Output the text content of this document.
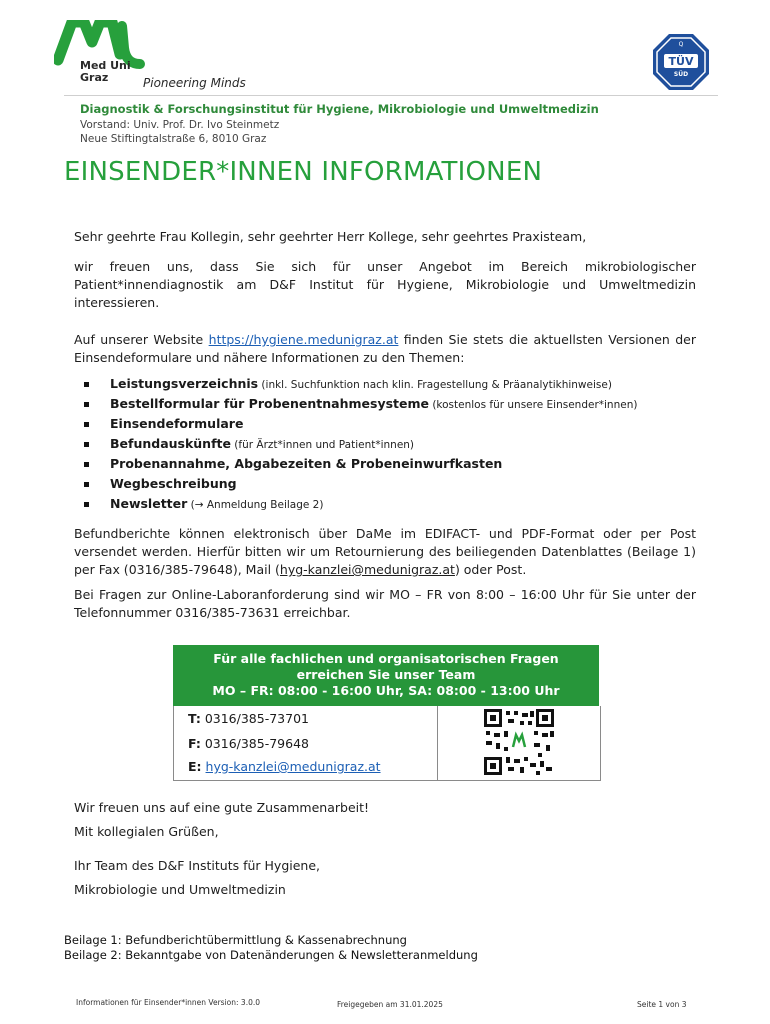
Med Uni
Graz	Pioneering Minds
TÜV
SÜD
Q
Diagnostik & Forschungsinstitut für Hygiene, Mikrobiologie und Umweltmedizin
Vorstand: Univ. Prof. Dr. Ivo Steinmetz
Neue Stiftingtalstraße 6, 8010 Graz
EINSENDER*INNEN INFORMATIONEN
Sehr geehrte Frau Kollegin, sehr geehrter Herr Kollege, sehr geehrtes Praxisteam,
wir freuen uns, dass Sie sich für unser Angebot im Bereich mikrobiologischer Patient*innendiagnostik am D&F Institut für Hygiene, Mikrobiologie und Umweltmedizin interessieren.
Auf unserer Website https://hygiene.medunigraz.at finden Sie stets die aktuellsten Versionen der Einsendeformulare und nähere Informationen zu den Themen:
Leistungsverzeichnis (inkl. Suchfunktion nach klin. Fragestellung & Präanalytikhinweise)
Bestellformular für Probenentnahmesysteme (kostenlos für unsere Einsender*innen)
Einsendeformulare
Befundauskünfte (für Ärzt*innen und Patient*innen)
Probenannahme, Abgabezeiten & Probeneinwurfkasten
Wegbeschreibung
Newsletter (→ Anmeldung Beilage 2)
Befundberichte können elektronisch über DaMe im EDIFACT- und PDF-Format oder per Post versendet werden. Hierfür bitten wir um Retournierung des beiliegenden Datenblattes (Beilage 1) per Fax (0316/385-79648), Mail (hyg-kanzlei@medunigraz.at) oder Post.
Bei Fragen zur Online-Laboranforderung sind wir MO – FR von 8:00 – 16:00 Uhr für Sie unter der Telefonnummer 0316/385-73631 erreichbar.
Für alle fachlichen und organisatorischen Fragen
erreichen Sie unser Team
MO – FR: 08:00 - 16:00 Uhr, SA: 08:00 - 13:00 Uhr
T: 0316/385-73701
F: 0316/385-79648
E: hyg-kanzlei@medunigraz.at
Wir freuen uns auf eine gute Zusammenarbeit!
Mit kollegialen Grüßen,
Ihr Team des D&F Instituts für Hygiene,
Mikrobiologie und Umweltmedizin
Beilage 1: Befundberichtübermittlung & Kassenabrechnung
Beilage 2: Bekanntgabe von Datenänderungen & Newsletteranmeldung
Informationen für Einsender*innen Version: 3.0.0	Freigegeben am 31.01.2025	Seite 1 von 3
